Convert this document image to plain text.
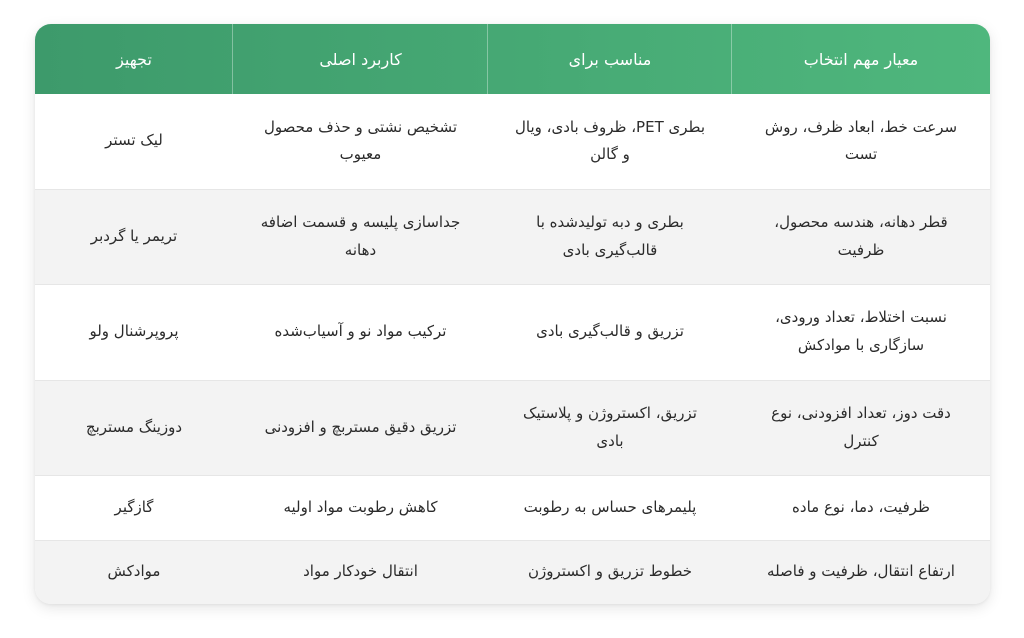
معیار مهم انتخاب	مناسب برای	کاربرد اصلی	تجهیز
سرعت خط، ابعاد ظرف، روش تست	بطری PET، ظروف بادی، ویال و گالن	تشخیص نشتی و حذف محصول معیوب	لیک تستر
قطر دهانه، هندسه محصول، ظرفیت	بطری و دبه تولیدشده با قالب‌گیری بادی	جداسازی پلیسه و قسمت اضافه دهانه	تریمر یا گردبر
نسبت اختلاط، تعداد ورودی، سازگاری با موادکش	تزریق و قالب‌گیری بادی	ترکیب مواد نو و آسیاب‌شده	پروپرشنال ولو
دقت دوز، تعداد افزودنی، نوع کنترل	تزریق، اکستروژن و پلاستیک بادی	تزریق دقیق مستربچ و افزودنی	دوزینگ مستربچ
ظرفیت، دما، نوع ماده	پلیمرهای حساس به رطوبت	کاهش رطوبت مواد اولیه	گازگیر
ارتفاع انتقال، ظرفیت و فاصله	خطوط تزریق و اکستروژن	انتقال خودکار مواد	موادکش
